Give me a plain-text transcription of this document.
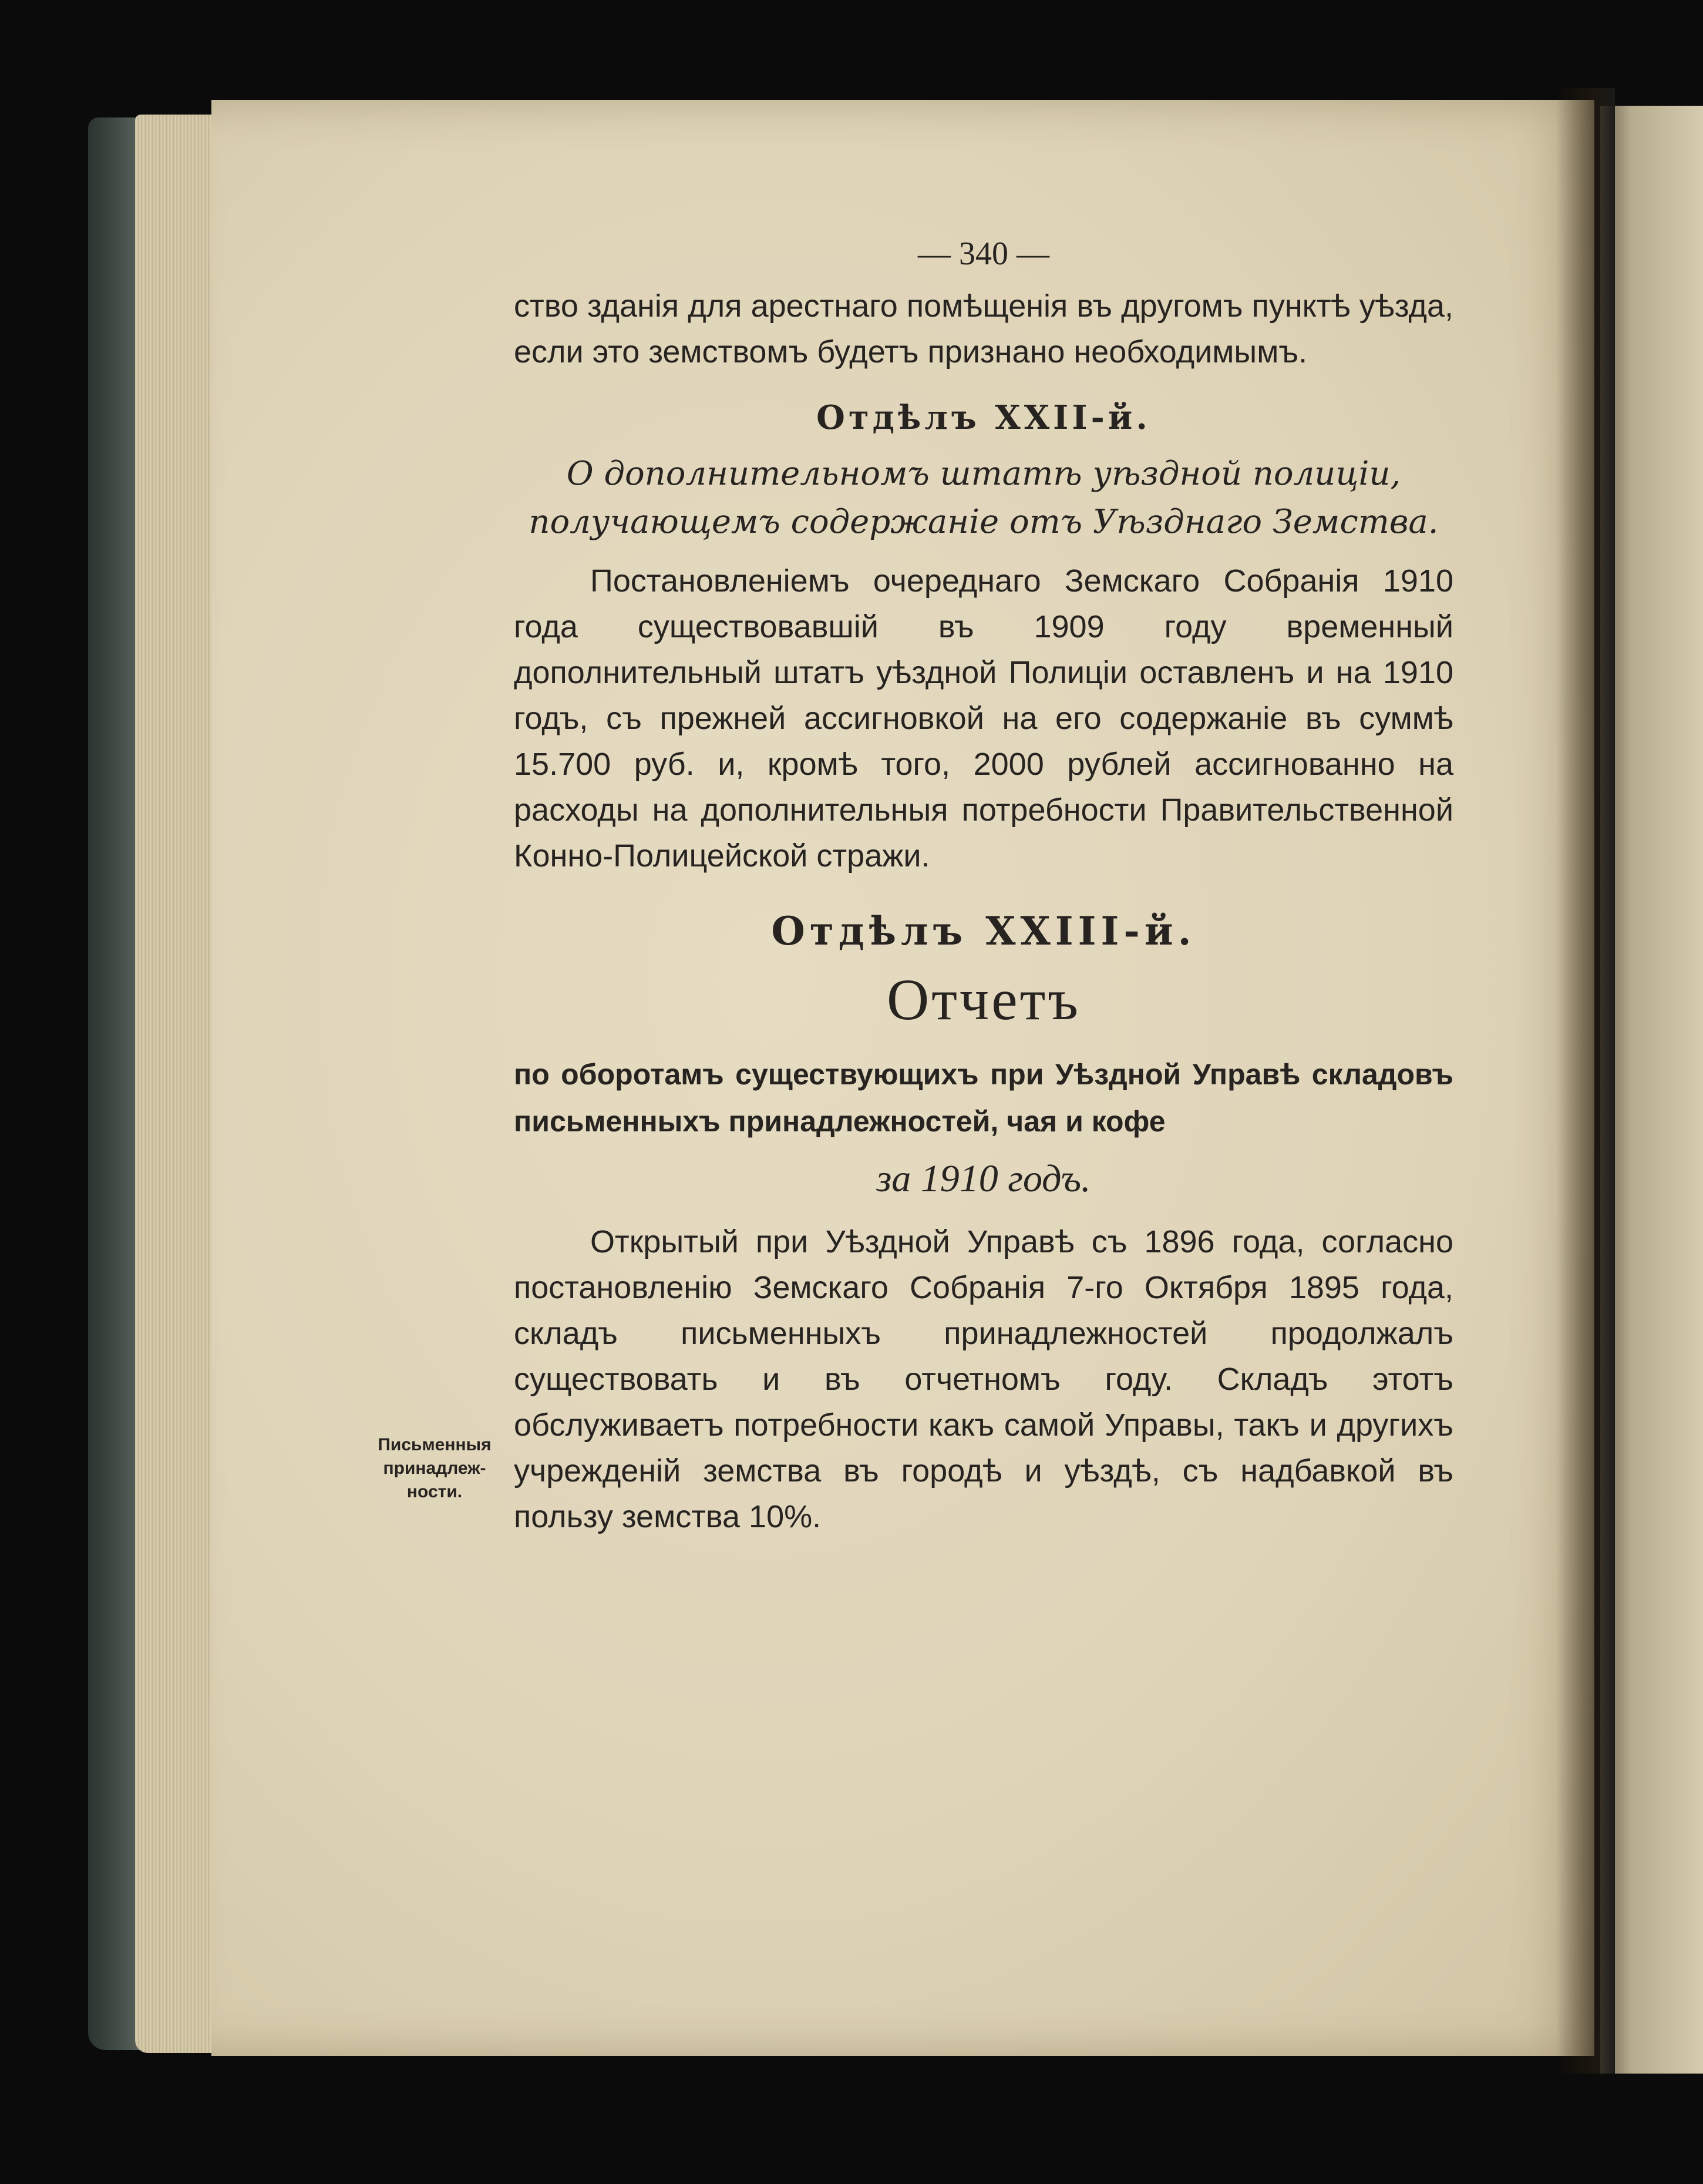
Письменныя принадлеж-ности.
— 340 —

ство зданія для арестнаго помѣщенія въ другомъ пунктѣ уѣзда, если это земствомъ будетъ признано необходимымъ.

Отдѣлъ XXII-й.

О дополнительномъ штатѣ уѣздной полиціи, получающемъ содержаніе отъ Уѣзднаго Земства.

Постановленіемъ очереднаго Земскаго Собранія 1910 года существовавшій въ 1909 году временный дополнительный штатъ уѣздной Полиціи оставленъ и на 1910 годъ, съ прежней ассигновкой на его содержаніе въ суммѣ 15.700 руб. и, кромѣ того, 2000 рублей ассигнованно на расходы на дополнительныя потребности Правительственной Конно-Полицейской стражи.

Отдѣлъ XXIII-й.
Отчетъ

по оборотамъ существующихъ при Уѣздной Управѣ складовъ письменныхъ принадлежностей, чая и кофе

за 1910 годъ.

Открытый при Уѣздной Управѣ съ 1896 года, согласно постановленію Земскаго Собранія 7-го Октября 1895 года, складъ письменныхъ принадлежностей продолжалъ существовать и въ отчетномъ году. Складъ этотъ обслуживаетъ потребности какъ самой Управы, такъ и другихъ учрежденій земства въ городѣ и уѣздѣ, съ надбавкой въ пользу земства 10%.
